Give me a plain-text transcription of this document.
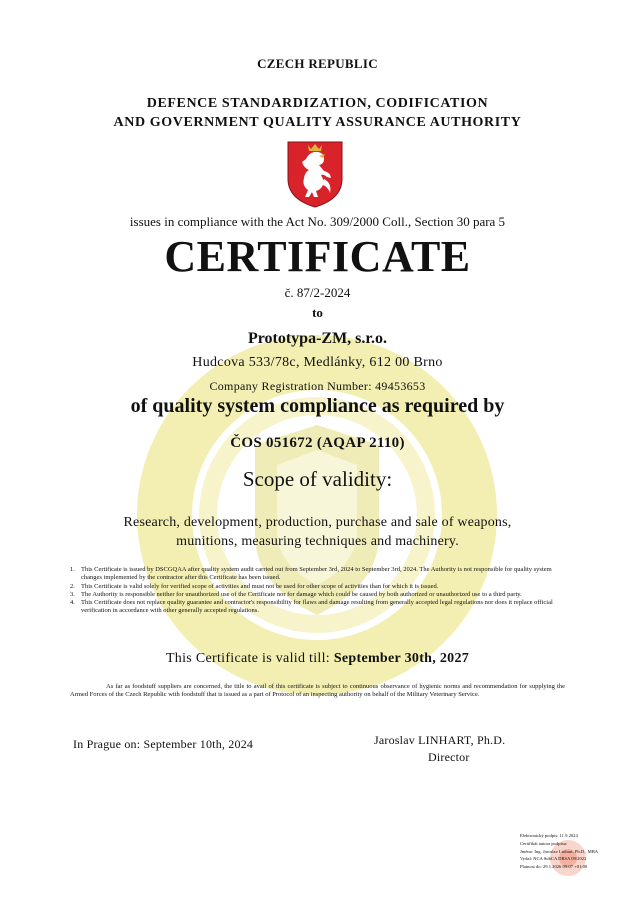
CZECH REPUBLIC
DEFENCE STANDARDIZATION, CODIFICATION
AND GOVERNMENT QUALITY ASSURANCE AUTHORITY
issues in compliance with the Act No. 309/2000 Coll., Section 30 para 5
CERTIFICATE
č. 87/2-2024
to
Prototypa-ZM, s.r.o.
Hudcova 533/78c, Medlánky, 612 00 Brno
Company Registration Number: 49453653
of quality system compliance as required by
ČOS 051672 (AQAP 2110)
Scope of validity:
Research, development, production, purchase and sale of weapons,
munitions, measuring techniques and machinery.
1. This Certificate is issued by DSCGQAA after quality system audit carried out from September 3rd, 2024 to September 3rd, 2024. The Authority is not responsible for quality system changes implemented by the contractor after this Certificate has been issued.
2. This Certificate is valid solely for verified scope of activities and must not be used for other scope of activities than for which it is issued.
3. The Authority is responsible neither for unauthorized use of the Certificate nor for damage which could be caused by both authorized or unauthorized use to a third party.
4. This Certificate does not replace quality guarantee and contractor's responsibility for flaws and damage resulting from generally accepted legal regulations nor does it replace official verification in accordance with other generally accepted regulations.
This Certificate is valid till: September 30th, 2027

As far as foodstuff suppliers are concerned, the title to avail of this certificate is subject to continuous observance of hygienic norms and recommendation for supplying the Armed Forces of the Czech Republic with foodstuff that is issued as a part of Protocol of an inspecting authority on behalf of the Military Veterinary Service.

In Prague on: September 10th, 2024	Jaroslav LINHART, Ph.D.
Director
Elektronický podpis: 11.9.2024
Certifikát autora podpisu:
Jméno: Ing. Jaroslav Linhart, Ph.D., MBA
Vydal: NCA SubCA DRSA 09/2022
Platnost do: 29.1.2026 09:07 +01:00
